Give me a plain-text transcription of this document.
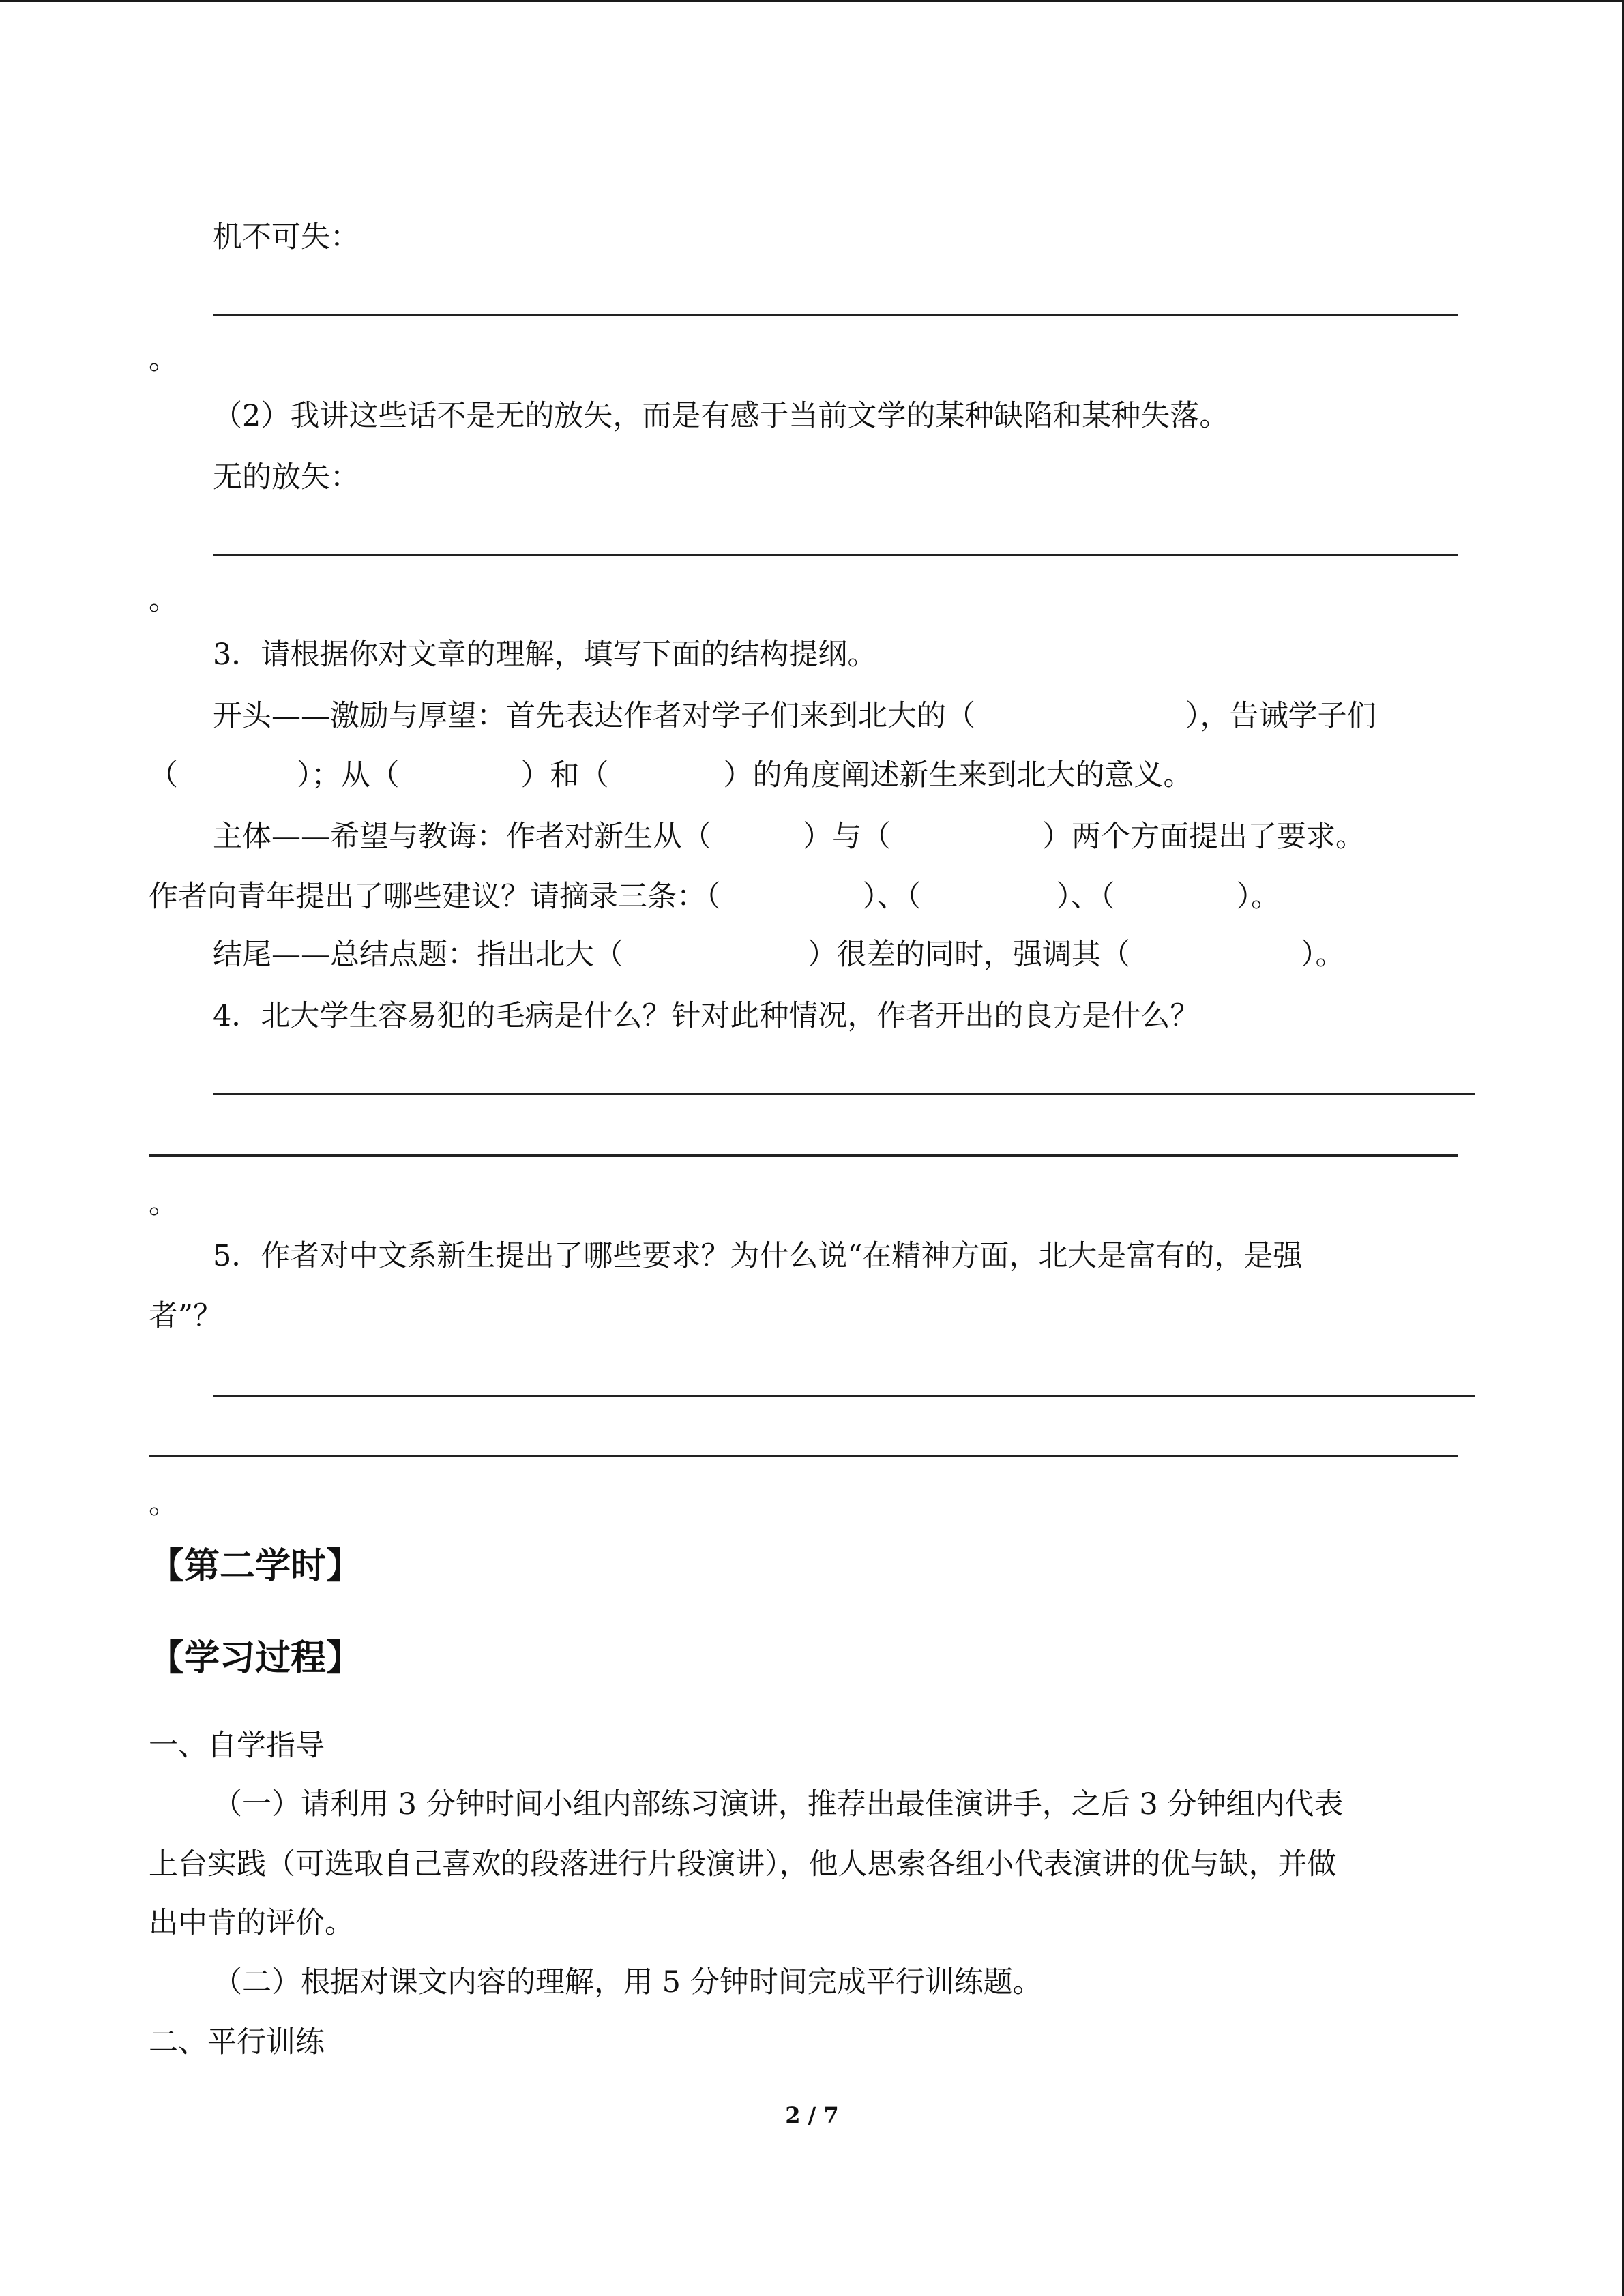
机不可失：
。
（2）我讲这些话不是无的放矢，而是有感于当前文学的某种缺陷和某种失落。
无的放矢：
。
3．请根据你对文章的理解，填写下面的结构提纲。
开头——激励与厚望：首先表达作者对学子们来到北大的（	），告诫学子们
（	）；从（	）和（	）的角度阐述新生来到北大的意义。
主体——希望与教诲：作者对新生从（	）与（	）两个方面提出了要求。
作者向青年提出了哪些建议？请摘录三条：（	）、（	）、（	）。
结尾——总结点题：指出北大（	）很差的同时，强调其（	）。
4．北大学生容易犯的毛病是什么？针对此种情况，作者开出的良方是什么？
。
5．作者对中文系新生提出了哪些要求？为什么说“在精神方面，北大是富有的，是强
者”？
。
【第二学时】
【学习过程】
一、自学指导
（一）请利用 3 分钟时间小组内部练习演讲，推荐出最佳演讲手，之后 3 分钟组内代表
上台实践（可选取自己喜欢的段落进行片段演讲），他人思索各组小代表演讲的优与缺，并做
出中肯的评价。
（二）根据对课文内容的理解，用 5 分钟时间完成平行训练题。
二、平行训练
2 / 7
